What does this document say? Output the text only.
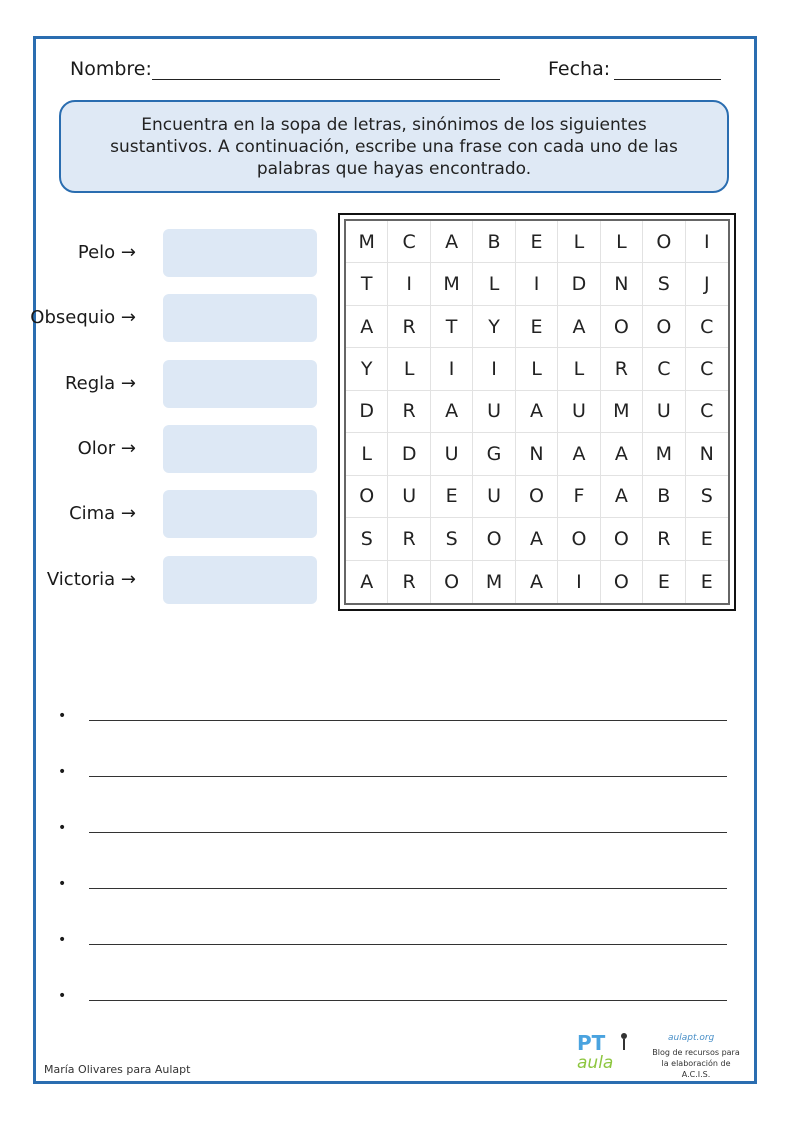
Nombre:	Fecha:
Encuentra en la sopa de letras, sinónimos de los siguientes sustantivos. A continuación, escribe una frase con cada uno de las palabras que hayas encontrado.
Pelo →
Obsequio →
Regla →
Olor →
Cima →
Victoria →
M	C	A	B	E	L	L	O	I
T	I	M	L	I	D	N	S	J
A	R	T	Y	E	A	O	O	C
Y	L	I	I	L	L	R	C	C
D	R	A	U	A	U	M	U	C
L	D	U	G	N	A	A	M	N
O	U	E	U	O	F	A	B	S
S	R	S	O	A	O	O	R	E
A	R	O	M	A	I	O	E	E
•
•
•
•
•
•
María Olivares para Aulapt
PT
aula
aulapt.org
Blog de recursos para la elaboración de A.C.I.S.
